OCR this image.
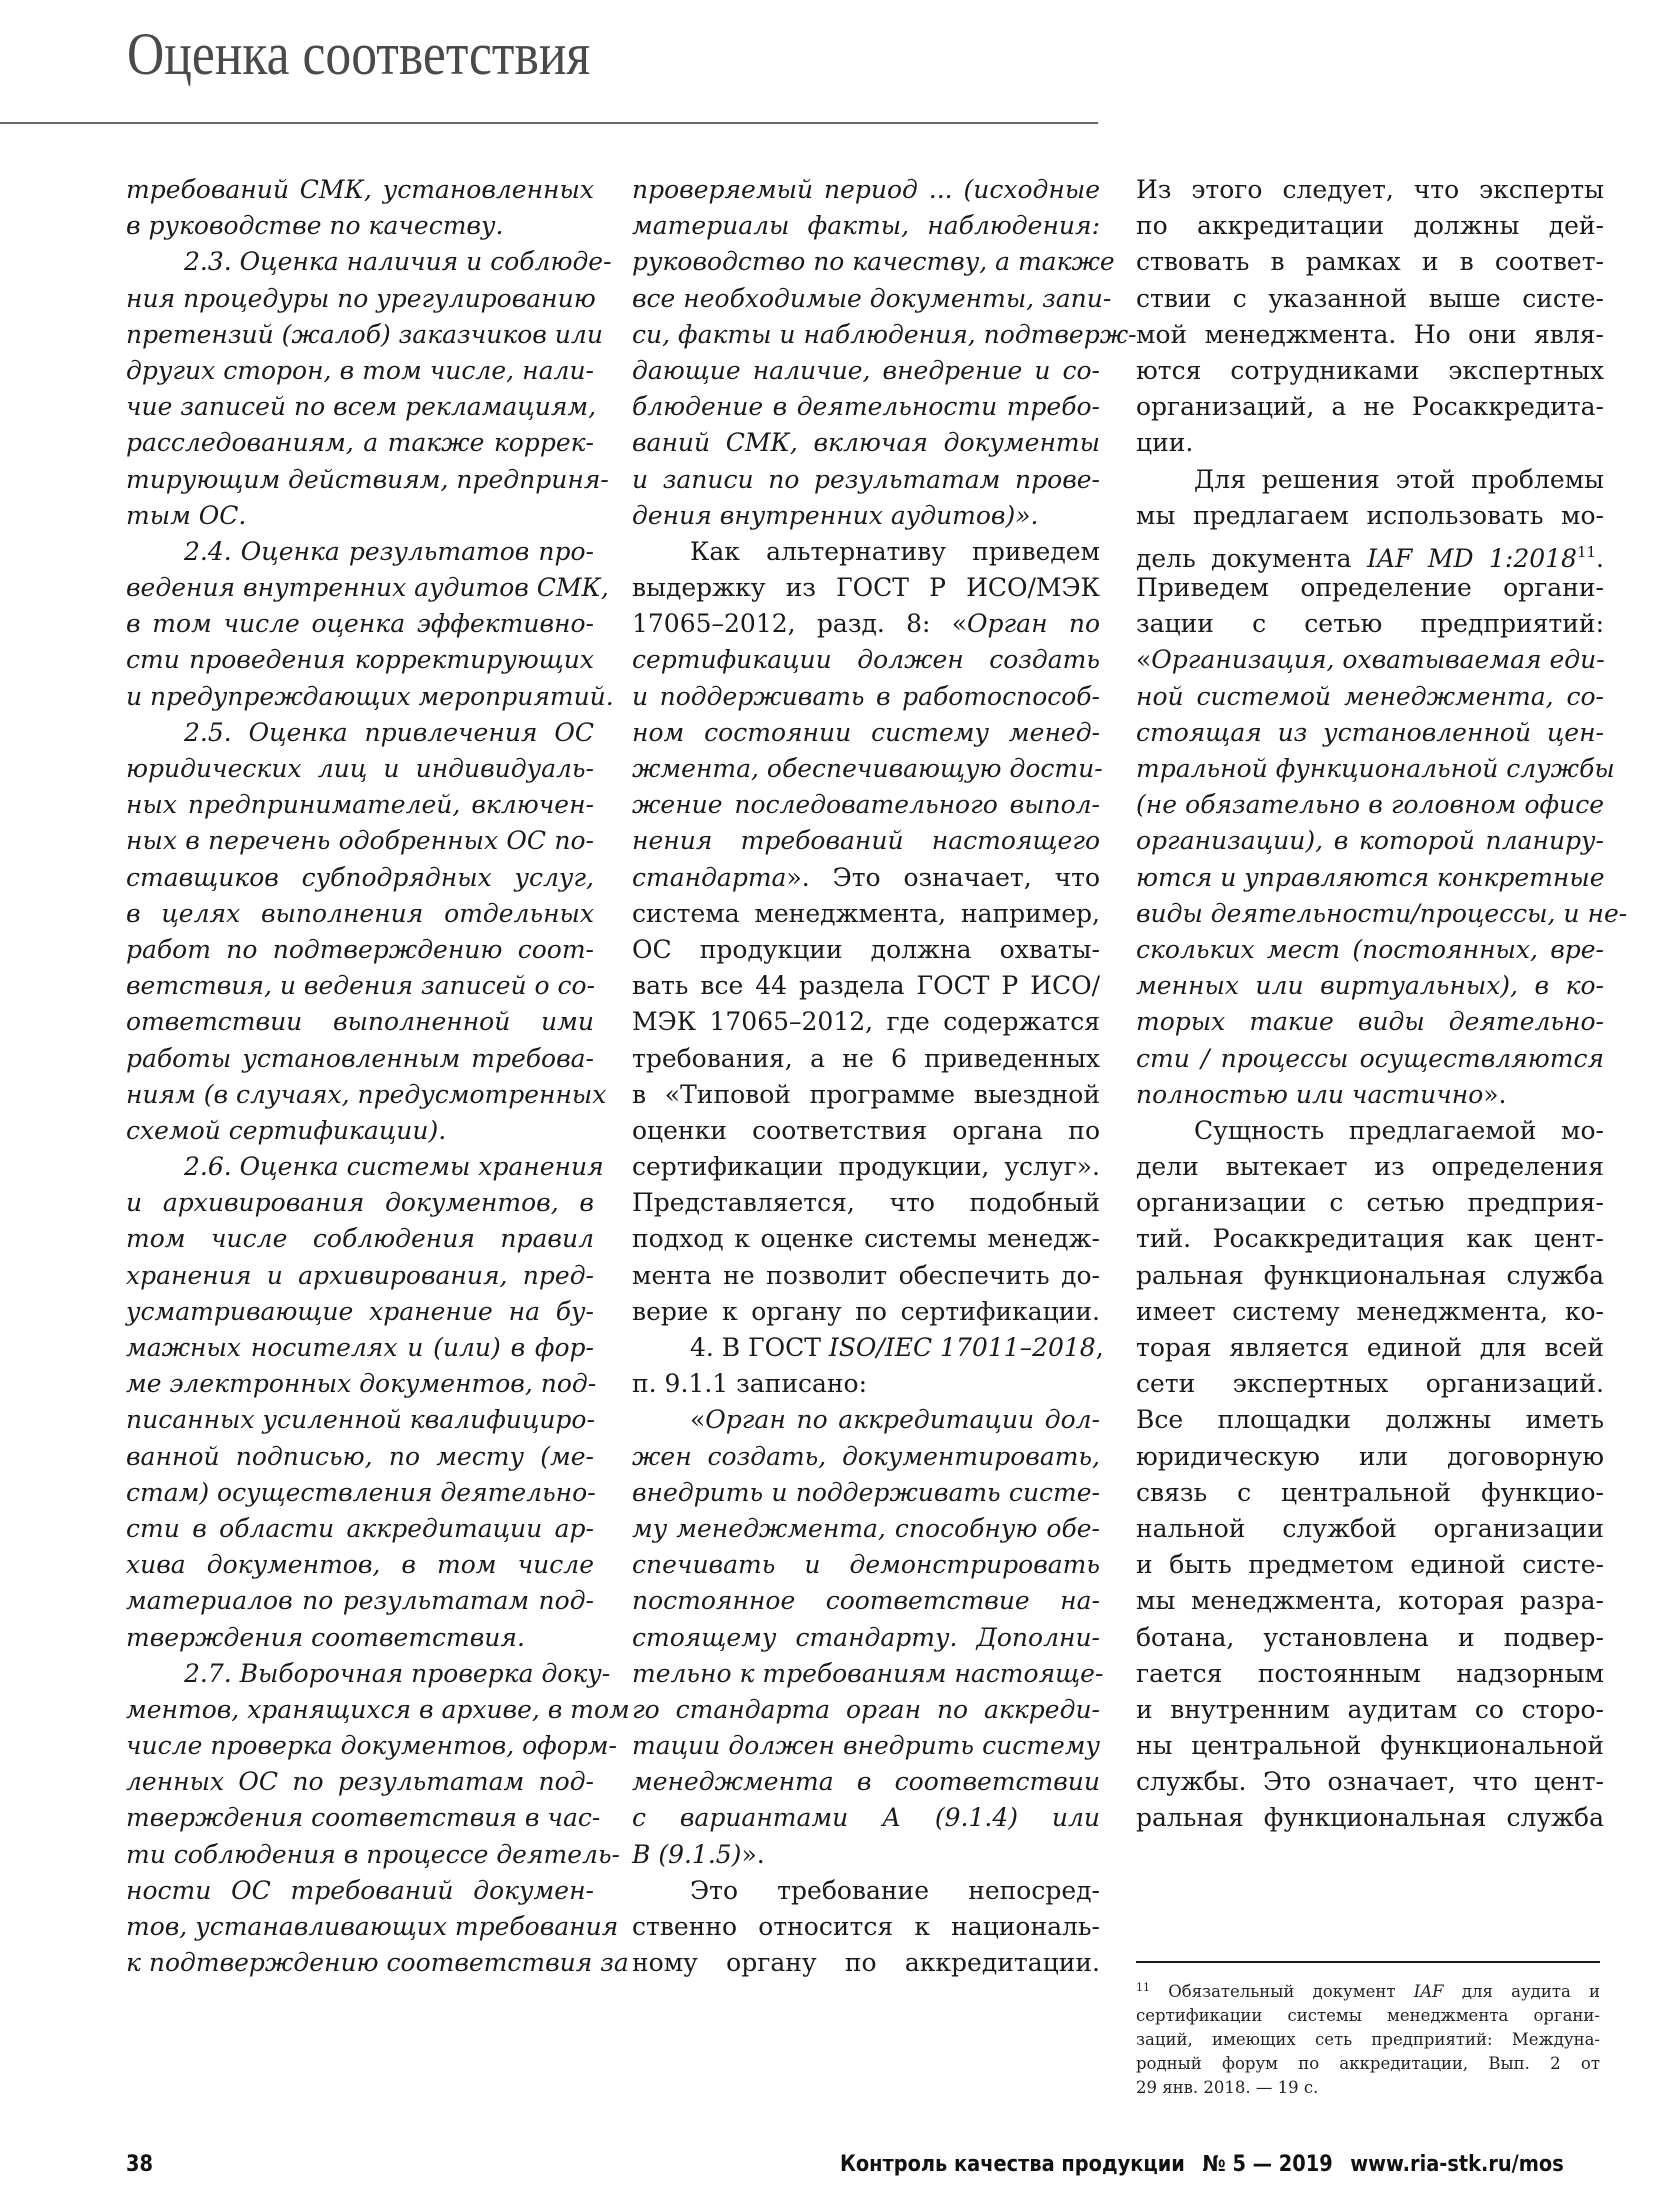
Оценка соответствия
требований СМК, установленных
в руководстве по качеству.
2.3. Оценка наличия и соблюде-
ния процедуры по урегулированию
претензий (жалоб) заказчиков или
других сторон, в том числе, нали-
чие записей по всем рекламациям,
расследованиям, а также коррек-
тирующим действиям, предприня-
тым ОС.
2.4. Оценка результатов про-
ведения внутренних аудитов СМК,
в том числе оценка эффективно-
сти проведения корректирующих
и предупреждающих мероприятий.
2.5. Оценка привлечения ОС
юридических лиц и индивидуаль-
ных предпринимателей, включен-
ных в перечень одобренных ОС по-
ставщиков субподрядных услуг,
в целях выполнения отдельных
работ по подтверждению соот-
ветствия, и ведения записей о со-
ответствии выполненной ими
работы установленным требова-
ниям (в случаях, предусмотренных
схемой сертификации).
2.6. Оценка системы хранения
и архивирования документов, в
том числе соблюдения правил
хранения и архивирования, пред-
усматривающие хранение на бу-
мажных носителях и (или) в фор-
ме электронных документов, под-
писанных усиленной квалифициро-
ванной подписью, по месту (ме-
стам) осуществления деятельно-
сти в области аккредитации ар-
хива документов, в том числе
материалов по результатам под-
тверждения соответствия.
2.7. Выборочная проверка доку-
ментов, хранящихся в архиве, в том
числе проверка документов, оформ-
ленных ОС по результатам под-
тверждения соответствия в час-
ти соблюдения в процессе деятель-
ности ОС требований докумен-
тов, устанавливающих требования
к подтверждению соответствия за
проверяемый период ... (исходные
материалы факты, наблюдения:
руководство по качеству, а также
все необходимые документы, запи-
си, факты и наблюдения, подтверж-
дающие наличие, внедрение и со-
блюдение в деятельности требо-
ваний СМК, включая документы
и записи по результатам прове-
дения внутренних аудитов)».
Как альтернативу приведем
выдержку из ГОСТ Р ИСО/МЭК
17065–2012, разд. 8: «Орган по
сертификации должен создать
и поддерживать в работоспособ-
ном состоянии систему менед-
жмента, обеспечивающую дости-
жение последовательного выпол-
нения требований настоящего
стандарта». Это означает, что
система менеджмента, например,
ОС продукции должна охваты-
вать все 44 раздела ГОСТ Р ИСО/
МЭК 17065–2012, где содержатся
требования, а не 6 приведенных
в «Типовой программе выездной
оценки соответствия органа по
сертификации продукции, услуг».
Представляется, что подобный
подход к оценке системы менедж-
мента не позволит обеспечить до-
верие к органу по сертификации.
4. В ГОСТ ISO/IEC 17011–2018,
п. 9.1.1 записано:
«Орган по аккредитации дол-
жен создать, документировать,
внедрить и поддерживать систе-
му менеджмента, способную обе-
спечивать и демонстрировать
постоянное соответствие на-
стоящему стандарту. Дополни-
тельно к требованиям настояще-
го стандарта орган по аккреди-
тации должен внедрить систему
менеджмента в соответствии
с вариантами А (9.1.4) или
В (9.1.5)».
Это требование непосред-
ственно относится к националь-
ному органу по аккредитации.
Из этого следует, что эксперты
по аккредитации должны дей-
ствовать в рамках и в соответ-
ствии с указанной выше систе-
мой менеджмента. Но они явля-
ются сотрудниками экспертных
организаций, а не Росаккредита-
ции.
Для решения этой проблемы
мы предлагаем использовать мо-
дель документа IAF MD 1:2018$^{11}$.
Приведем определение органи-
зации с сетью предприятий:
«Организация, охватываемая еди-
ной системой менеджмента, со-
стоящая из установленной цен-
тральной функциональной службы
(не обязательно в головном офисе
организации), в которой планиру-
ются и управляются конкретные
виды деятельности/процессы, и не-
скольких мест (постоянных, вре-
менных или виртуальных), в ко-
торых такие виды деятельно-
сти / процессы осуществляются
полностью или частично».
Сущность предлагаемой мо-
дели вытекает из определения
организации с сетью предприя-
тий. Росаккредитация как цент-
ральная функциональная служба
имеет систему менеджмента, ко-
торая является единой для всей
сети экспертных организаций.
Все площадки должны иметь
юридическую или договорную
связь с центральной функцио-
нальной службой организации
и быть предметом единой систе-
мы менеджмента, которая разра-
ботана, установлена и подвер-
гается постоянным надзорным
и внутренним аудитам со сторо-
ны центральной функциональной
службы. Это означает, что цент-
ральная функциональная служба
$^{11}$ Обязательный документ IAF для аудита и
сертификации системы менеджмента органи-
заций, имеющих сеть предприятий: Междуна-
родный форум по аккредитации, Вып. 2 от
29 янв. 2018. — 19 с.
38	Контроль качества продукции № 5 — 2019 www.ria-stk.ru/mos
